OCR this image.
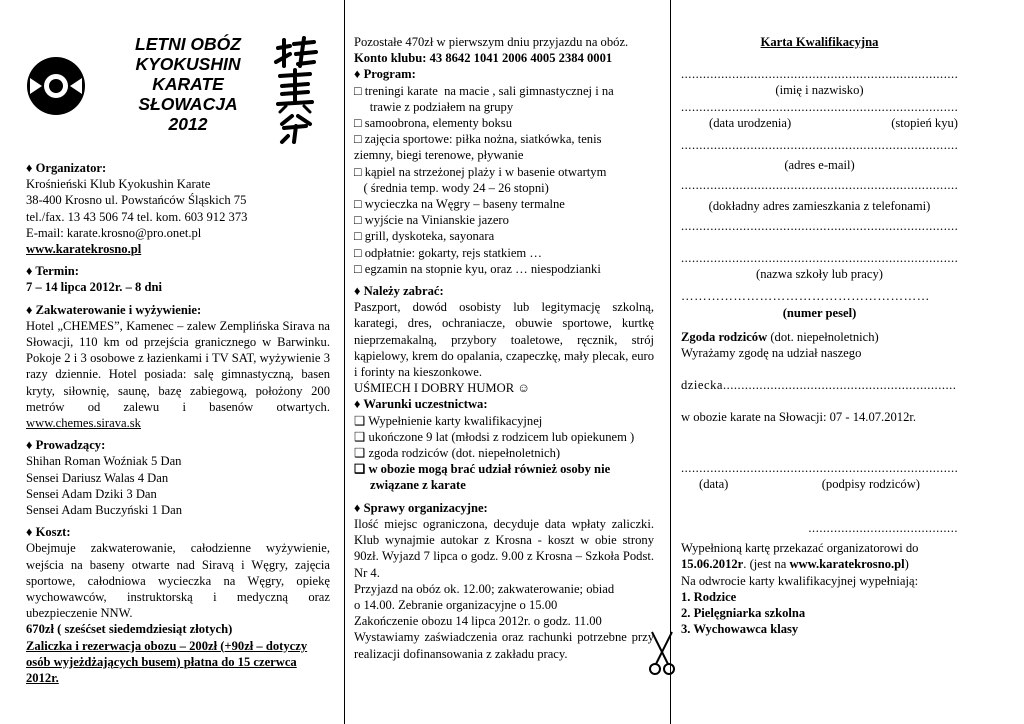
LETNI OBÓZ
KYOKUSHIN
KARATE
SŁOWACJA
2012
♦ Organizator:
Krośnieński Klub Kyokushin Karate
38-400 Krosno ul. Powstańców Śląskich 75
tel./fax. 13 43 506 74 tel. kom. 603 912 373
E-mail: karate.krosno@pro.onet.pl
www.karatekrosno.pl
♦ Termin:
7 – 14 lipca 2012r. – 8 dni
♦ Zakwaterowanie i wyżywienie:
Hotel „CHEMES”, Kamenec – zalew Zemplińska Sirava na Słowacji, 110 km od przejścia granicznego w Barwinku. Pokoje 2 i 3 osobowe z łazienkami i TV SAT, wyżywienie 3 razy dziennie. Hotel posiada: salę gimnastyczną, basen kryty, siłownię, saunę, bazę zabiegową, położony 200 metrów od zalewu i basenów otwartych. www.chemes.sirava.sk
♦ Prowadzący:
Shihan Roman Woźniak 5 Dan
Sensei Dariusz Walas 4 Dan
Sensei Adam Dziki 3 Dan
Sensei Adam Buczyński 1 Dan
♦ Koszt:
Obejmuje zakwaterowanie, całodzienne wyżywienie, wejścia na baseny otwarte nad Siravą i Węgry, zajęcia sportowe, całodniowa wycieczka na Węgry, opiekę wychowawców, instruktorską i medyczną oraz ubezpieczenie NNW.
670zł ( sześćset siedemdziesiąt złotych)
Zaliczka i rezerwacja obozu – 200zł (+90zł – dotyczy osób wyjeżdżających busem) płatna do 15 czerwca 2012r.
Pozostałe 470zł w pierwszym dniu przyjazdu na obóz.
Konto klubu: 43 8642 1041 2006 4005 2384 0001
♦ Program:
□ treningi karate  na macie , sali gimnastycznej i na
trawie z podziałem na grupy
□ samoobrona, elementy boksu
□ zajęcia sportowe: piłka nożna, siatkówka, tenis
ziemny, biegi terenowe, pływanie
□ kąpiel na strzeżonej plaży i w basenie otwartym
( średnia temp. wody 24 – 26 stopni)
□ wycieczka na Węgry – baseny termalne
□ wyjście na Vinianskie jazero
□ grill, dyskoteka, sayonara
□ odpłatnie: gokarty, rejs statkiem …
□ egzamin na stopnie kyu, oraz … niespodzianki
♦ Należy zabrać:
Paszport, dowód osobisty lub legitymację szkolną, karategi, dres, ochraniacze, obuwie sportowe, kurtkę nieprzemakalną, przybory toaletowe, ręcznik, strój kąpielowy, krem do opalania, czapeczkę, mały plecak, euro i forinty na kieszonkowe.
UŚMIECH I DOBRY HUMOR ☺
♦ Warunki uczestnictwa:
❑ Wypełnienie karty kwalifikacyjnej
❑ ukończone 9 lat (młodsi z rodzicem lub opiekunem )
❑ zgoda rodziców (dot. niepełnoletnich)
❑ w obozie mogą brać udział również osoby nie związane z karate
♦ Sprawy organizacyjne:
Ilość miejsc ograniczona, decyduje data wpłaty zaliczki. Klub wynajmie autokar z Krosna - koszt w obie strony 90zł. Wyjazd 7 lipca o godz. 9.00 z Krosna – Szkoła Podst. Nr 4.
Przyjazd na obóz ok. 12.00; zakwaterowanie; obiad
o 14.00. Zebranie organizacyjne o 15.00
Zakończenie obozu 14 lipca 2012r. o godz. 11.00
Wystawiamy zaświadczenia oraz rachunki potrzebne przy realizacji dofinansowania z zakładu pracy.
Karta Kwalifikacyjna
............................................................................
(imię i nazwisko)
............................................................................
(data urodzenia)	(stopień kyu)
............................................................................
(adres e-mail)
............................................................................
(dokładny adres zamieszkania z telefonami)
............................................................................
............................................................................
(nazwa szkoły lub pracy)
…………………………………………………
(numer pesel)
Zgoda rodziców (dot. niepełnoletnich)
Wyrażamy zgodę na udział naszego
dziecka................................................................
w obozie karate na Słowacji: 07 - 14.07.2012r.
............................................................................
(data)	(podpisy rodziców)
.........................................
Wypełnioną kartę przekazać organizatorowi do
15.06.2012r. (jest na www.karatekrosno.pl)
Na odwrocie karty kwalifikacyjnej wypełniają:
1. Rodzice
2. Pielęgniarka szkolna
3. Wychowawca klasy
